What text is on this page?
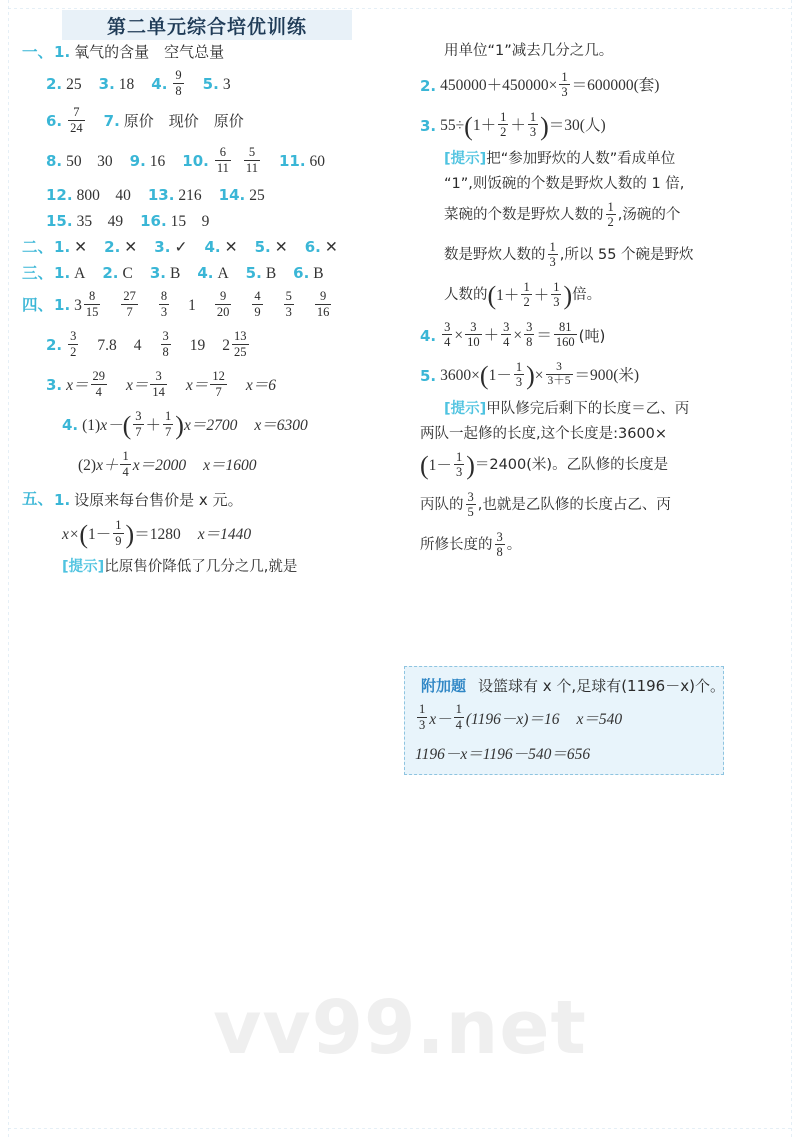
第二单元综合培优训练
一、 1. 氧气的含量　空气总量
2. 25 3. 18 4. $\frac{9}{8} 5$. 3
6. $\frac{7}{24} 7$. 原价　现价　原价
8. 50　30 9. 16 10. $\frac{6}{11} \frac{5}{11} 11$. 60
12. 800　40 13. 216 14. 25
15. 35　49 16. 15　9
二、 1. ✕ 2. ✕ 3. ✓ 4. ✕ 5. ✕ 6. ✕
三、 1. A 2. C 3. B 4. A 5. B 6. B
四、 1. $3 \frac{8}{15} \frac{27}{7} \frac{8}{3} 1 \frac{9}{20} \frac{4}{9} \frac{5}{3} \frac{9}{16}$
2. $\frac{3}{2} 7.8$ $4 \frac{3}{8} 19$ $2 \frac{13}{25}$
3. $x= \frac{29}{4} x= \frac{3}{14} x= \frac{12}{7} x=6$
4. (1) x－ ( $\frac{3}{7} + \frac{1}{7}$ ) x＝2700 x＝6300
(2) $x+ \frac{1}{4} x=2000$ x＝1600
五、 1. 设原来每台售价是 x 元。
x× ( $1- \frac{1}{9}$ ) ＝1280 x＝1440
[提示] 比原售价降低了几分之几,就是
用单位“1”减去几分之几。
2. $450000+450000\times \frac{1}{3} =600000$(套)
3. 55÷ ( $1+ \frac{1}{2} + \frac{1}{3}$ ) ＝30(人)
[提示] 把“参加野炊的人数”看成单位
“1”,则饭碗的个数是野炊人数的 1 倍,
菜碗的个数是野炊人数的 $\frac{1}{2}$ ,汤碗的个
数是野炊人数的 $\frac{1}{3}$ ,所以 55 个碗是野炊
人数的 ( $1+ \frac{1}{2} + \frac{1}{3}$ ) 倍。
4. $\frac{3}{4} \times \frac{3}{10} + \frac{3}{4} \times \frac{3}{8} = \frac{81}{160}$ (吨)
5. 3600× ( $1- \frac{1}{3}$ ) × $\frac{3}{3+5} =900$(米)
[提示] 甲队修完后剩下的长度＝乙、丙
两队一起修的长度,这个长度是:3600×
( $1- \frac{1}{3}$ ) ＝2400(米)。乙队修的长度是
丙队的 $\frac{3}{5}$ ,也就是乙队修的长度占乙、丙
所修长度的 $\frac{3}{8}$ 。
附加题 设篮球有 x 个,足球有(1196－x)个。
$\frac{1}{3} x- \frac{1}{4} (1196-x)=16$ x＝540
1196－x＝1196－540＝656
vv99.net
